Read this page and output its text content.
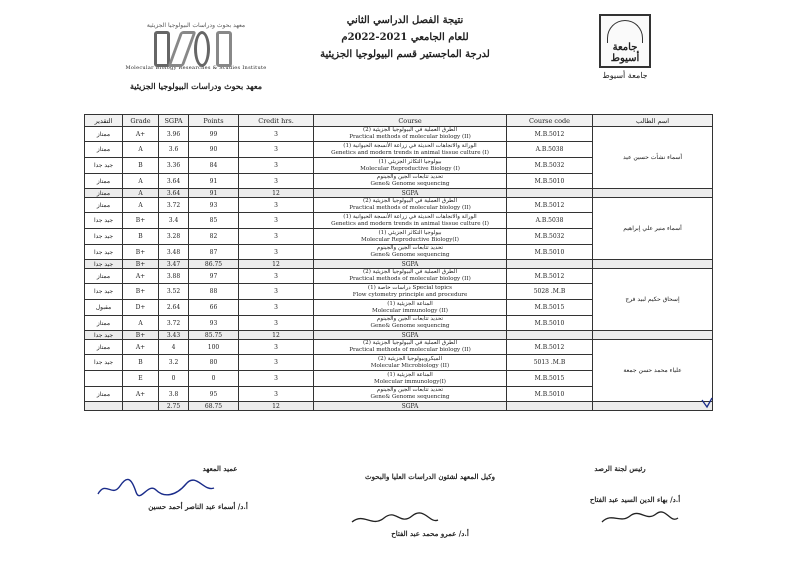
جامعة أسيوط
جامعة أسيوط
نتيجة الفصل الدراسي الثاني
للعام الجامعي 2021-2022م
لدرجة الماجستير قسم البيولوجيا الجزيئية
معهد بحوث ودراسات البيولوجيا الجزيئية
Molecular Biology Researches & Studies Institute
معهد بحوث ودراسات البيولوجيا الجزيئية
التقدير	Grade	SGPA	Points	Credit hrs.	Course	Course code	اسم الطالب
ممتاز	A+	3.96	99	3	الطرق العملية في البيولوجيا الجزيئية (2)
Practical methods of molecular biology (II)	M.B.5012	أسماء نشأت حسين عيد
ممتاز	A	3.6	90	3	الوراثة والاتجاهات الحديثة في زراعة الأنسجة الحيوانية (1)
Genetics and modern trends in animal tissue culture (I)	A.B.5038	
جيد جدا	B	3.36	84	3	بيولوجيا التكاثر الجزيئي (1)
Molecular Reproductive Biology (I)	M.B.5032	
ممتاز	A	3.64	91	3	تحديد تتابعات الجين والجينوم
Gene& Genome sequencing	M.B.5010	
ممتاز	A	3.64	91	12	SGPA		
ممتاز	A	3.72	93	3	الطرق العملية في البيولوجيا الجزيئية (2)
Practical methods of molecular biology (II)	M.B.5012	أسماء منير علي إبراهيم
جيد جدا	B+	3.4	85	3	الوراثة والاتجاهات الحديثة في زراعة الأنسجة الحيوانية (1)
Genetics and modern trends in animal tissue culture (I)	A.B.5038	
جيد جدا	B	3.28	82	3	بيولوجيا التكاثر الجزيئي (1)
Molecular Reproductive Biology(I)	M.B.5032	
جيد جدا	B+	3.48	87	3	تحديد تتابعات الجين والجينوم
Gene& Genome sequencing	M.B.5010	
جيد جدا	B+	3.47	86.75	12	SGPA		
ممتاز	A+	3.88	97	3	الطرق العملية في البيولوجيا الجزيئية (2)
Practical methods of molecular biology (II)	M.B.5012	إسحاق حكيم لبيد فرج
جيد جدا	B+	3.52	88	3	دراسات خاصة (1) Special topics
Flow cytometry principle and procedure	5028 .M.B	
مقبول	D+	2.64	66	3	المناعة الجزيئية (1)
Molecular immunology (II)	M.B.5015	
ممتاز	A	3.72	93	3	تحديد تتابعات الجين والجينوم
Gene& Genome sequencing	M.B.5010	
جيد جدا	B+	3.43	85.75	12	SGPA		
ممتاز	A+	4	100	3	الطرق العملية في البيولوجيا الجزيئية (2)
Practical methods of molecular biology (II)	M.B.5012	علياء محمد حسن جمعة
جيد جدا	B	3.2	80	3	الميكروبيولوجيا الجزيئية (2)
Molecular Microbiology (II)	5013 .M.B	
	E	0	0	3	المناعة الجزيئية (1)
Molecular immunology(I)	M.B.5015	
ممتاز	A+	3.8	95	3	تحديد تتابعات الجين والجينوم
Gene& Genome sequencing	M.B.5010	
		2.75	68.75	12	SGPA		
رئيس لجنة الرصد
أ.د/ بهاء الدين السيد عبد الفتاح
وكيل المعهد لشئون الدراسات العليا والبحوث
أ.د/ عمرو محمد عبد الفتاح
عميد المعهد
أ.د/ أسماء عبد الناصر أحمد حسين
